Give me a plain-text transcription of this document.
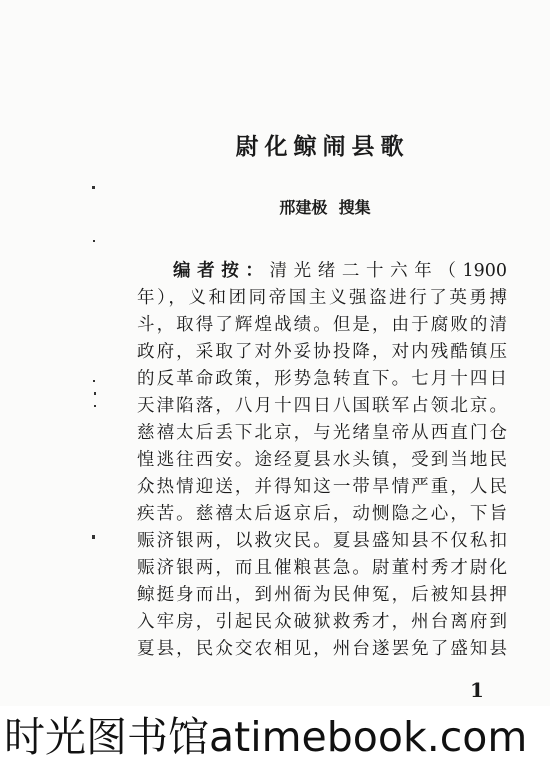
尉化鲸闹县歌
邢建极  搜集
编者按：清光绪二十六年（1900
年），义和团同帝国主义强盗进行了英勇搏
斗，取得了辉煌战绩。但是，由于腐败的清
政府，采取了对外妥协投降，对内残酷镇压
的反革命政策，形势急转直下。七月十四日
天津陷落，八月十四日八国联军占领北京。
慈禧太后丢下北京，与光绪皇帝从西直门仓
惶逃往西安。途经夏县水头镇，受到当地民
众热情迎送，并得知这一带旱情严重，人民
疾苦。慈禧太后返京后，动恻隐之心，下旨
赈济银两，以救灾民。夏县盛知县不仅私扣
赈济银两，而且催粮甚急。尉董村秀才尉化
鲸挺身而出，到州衙为民伸冤，后被知县押
入牢房，引起民众破狱救秀才，州台离府到
夏县，民众交农相见，州台遂罢免了盛知县
1
时光图书馆atimebook.com
